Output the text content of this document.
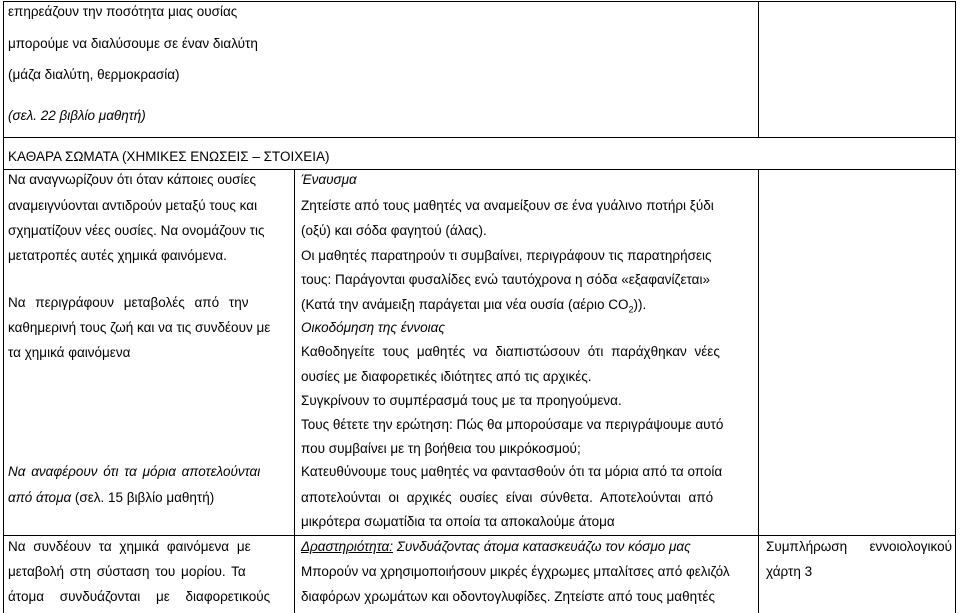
επηρεάζουν την ποσότητα μιας ουσίας
μπορούμε να διαλύσουμε σε έναν διαλύτη
(μάζα διαλύτη, θερμοκρασία)
(σελ. 22 βιβλίο μαθητή)
ΚΑΘΑΡΑ ΣΩΜΑΤΑ (ΧΗΜΙΚΕΣ ΕΝΩΣΕΙΣ – ΣΤΟΙΧΕΙΑ)
Να αναγνωρίζουν ότι όταν κάποιες ουσίες
αναμειγνύονται αντιδρούν μεταξύ τους και
σχηματίζουν νέες ουσίες. Να ονομάζουν τις
μετατροπές αυτές χημικά φαινόμενα.
Να περιγράφουν μεταβολές από την
καθημερινή τους ζωή και να τις συνδέουν με
τα χημικά φαινόμενα
Να αναφέρουν ότι τα μόρια αποτελούνται
από άτομα (σελ. 15 βιβλίο μαθητή)
Έναυσμα
Ζητείστε από τους μαθητές να αναμείξουν σε ένα γυάλινο ποτήρι ξύδι
(οξύ) και σόδα φαγητού (άλας).
Οι μαθητές παρατηρούν τι συμβαίνει, περιγράφουν τις παρατηρήσεις
τους: Παράγονται φυσαλίδες ενώ ταυτόχρονα η σόδα «εξαφανίζεται»
(Κατά την ανάμειξη παράγεται μια νέα ουσία (αέριο $CO_2$)).
Οικοδόμηση της έννοιας
Καθοδηγείτε τους μαθητές να διαπιστώσουν ότι παράχθηκαν νέες
ουσίες με διαφορετικές ιδιότητες από τις αρχικές.
Συγκρίνουν το συμπέρασμά τους με τα προηγούμενα.
Τους θέτετε την ερώτηση: Πώς θα μπορούσαμε να περιγράψουμε αυτό
που συμβαίνει με τη βοήθεια του μικρόκοσμού;
Κατευθύνουμε τους μαθητές να φαντασθούν ότι τα μόρια από τα οποία
αποτελούνται οι αρχικές ουσίες είναι σύνθετα. Αποτελούνται από
μικρότερα σωματίδια τα οποία τα αποκαλούμε άτομα
Να συνδέουν τα χημικά φαινόμενα με
μεταβολή στη σύσταση του μορίου. Τα
άτομα συνδυάζονται με διαφορετικούς
Δραστηριότητα: Συνδυάζοντας άτομα κατασκευάζω τον κόσμο μας
Μπορούν να χρησιμοποιήσουν μικρές έγχρωμες μπαλίτσες από φελιζόλ
διαφόρων χρωμάτων και οδοντογλυφίδες. Ζητείστε από τους μαθητές
Συμπλήρωση εννοιολογικού
χάρτη 3
